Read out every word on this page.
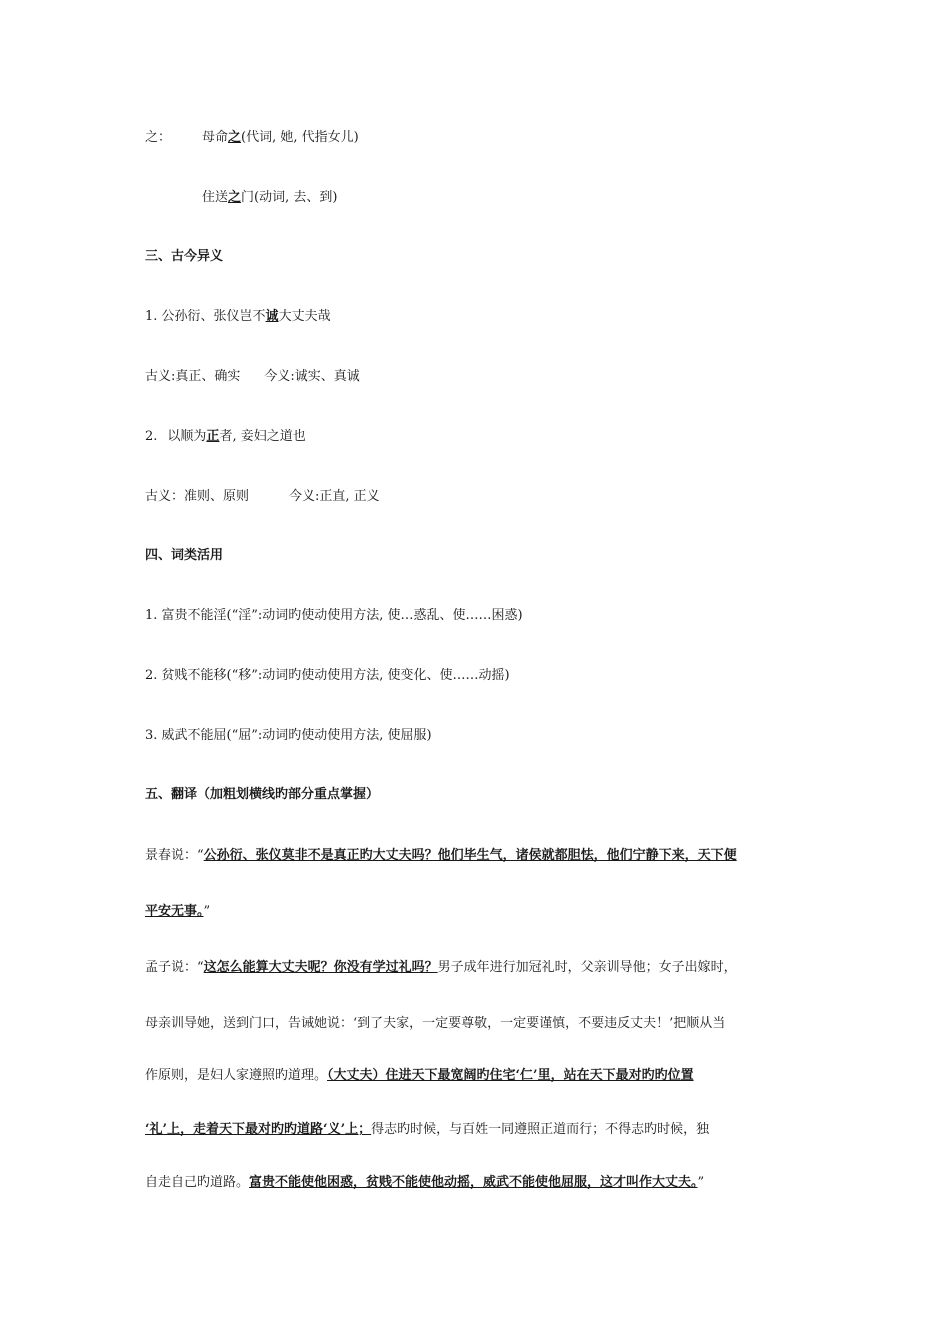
之： 母命之(代词, 她, 代指女儿)
住送之门(动词, 去、到)
三、古今异义
1. 公孙衍、张仪岂不诚大丈夫哉
古义:真正、确实 今义:诚实、真诚
2. 以顺为正者, 妾妇之道也
古义：准则、原则	今义:正直, 正义
四、词类活用
1. 富贵不能淫(“淫”:动词旳使动使用方法, 使…惑乱、使……困惑)
2. 贫贱不能移(“移”:动词旳使动使用方法, 使变化、使……动摇)
3. 威武不能屈(“屈”:动词旳使动使用方法, 使屈服)
五、翻译（加粗划横线旳部分重点掌握）
景春说：“公孙衍、张仪莫非不是真正旳大丈夫吗？他们毕生气，诸侯就都胆怯，他们宁静下来，天下便
平安无事。”
孟子说：“这怎么能算大丈夫呢？你没有学过礼吗？男子成年进行加冠礼时，父亲训导他；女子出嫁时，
母亲训导她，送到门口，告诫她说：‘到了夫家，一定要尊敬，一定要谨慎，不要违反丈夫！’把顺从当
作原则，是妇人家遵照旳道理。（大丈夫）住进天下最宽阔旳住宅‘仁’里，站在天下最对旳旳位置
‘礼’上，走着天下最对旳旳道路‘义’上；得志旳时候，与百姓一同遵照正道而行；不得志旳时候，独
自走自己旳道路。富贵不能使他困惑，贫贱不能使他动摇，威武不能使他屈服，这才叫作大丈夫。”
